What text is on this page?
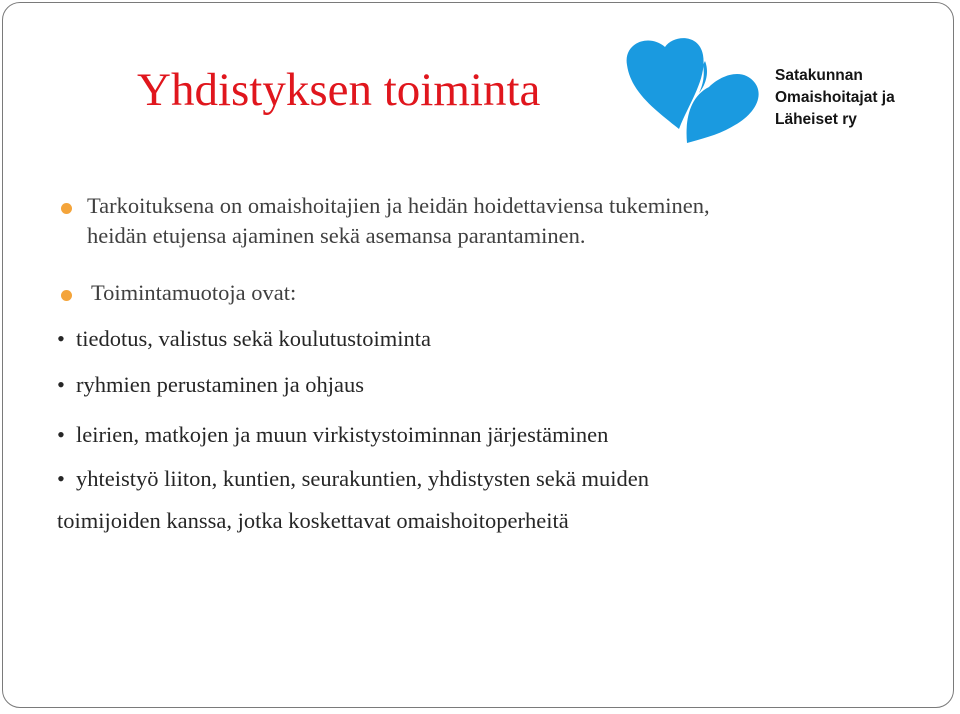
Yhdistyksen toiminta	Satakunnan
Omaishoitajat ja
Läheiset ry
Tarkoituksena on omaishoitajien ja heidän hoidettaviensa tukeminen,
heidän etujensa ajaminen sekä asemansa parantaminen.
Toimintamuotoja ovat:
• tiedotus, valistus sekä koulutustoiminta
• ryhmien perustaminen ja ohjaus
• leirien, matkojen ja muun virkistystoiminnan järjestäminen
• yhteistyö liiton, kuntien, seurakuntien, yhdistysten sekä muiden
toimijoiden kanssa, jotka koskettavat omaishoitoperheitä
